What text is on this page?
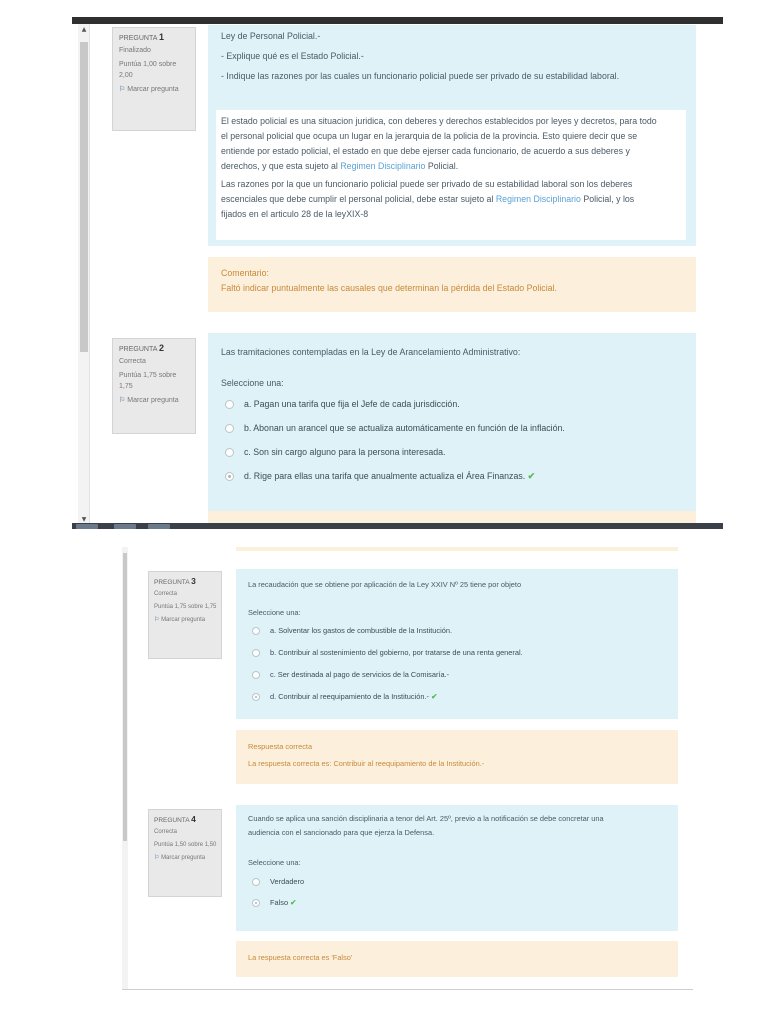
▲
▼
PREGUNTA 1
Finalizado
Puntúa 1,00 sobre 2,00
⚐ Marcar pregunta
Ley de Personal Policial.-
- Explique qué es el Estado Policial.-
- Indique las razones por las cuales un funcionario policial puede ser privado de su estabilidad laboral.
El estado policial es una situacion juridica, con deberes y derechos establecidos por leyes y decretos, para todo
el personal policial que ocupa un lugar en la jerarquia de la policia de la provincia. Esto quiere decir que se
entiende por estado policial, el estado en que debe ejerser cada funcionario, de acuerdo a sus deberes y
derechos, y que esta sujeto al Regimen Disciplinario Policial.
Las razones por la que un funcionario policial puede ser privado de su estabilidad laboral son los deberes
escenciales que debe cumplir el personal policial, debe estar sujeto al Regimen Disciplinario Policial, y los
fijados en el articulo 28 de la leyXIX-8
Comentario:
Faltó indicar puntualmente las causales que determinan la pérdida del Estado Policial.
PREGUNTA 2
Correcta
Puntúa 1,75 sobre 1,75
⚐ Marcar pregunta
Las tramitaciones contempladas en la Ley de Arancelamiento Administrativo:
Seleccione una:
a. Pagan una tarifa que fija el Jefe de cada jurisdicción.
b. Abonan un arancel que se actualiza automáticamente en función de la inflación.
c. Son sin cargo alguno para la persona interesada.
d. Rige para ellas una tarifa que anualmente actualiza el Área Finanzas. ✔
PREGUNTA 3
Correcta
Puntúa 1,75 sobre 1,75
⚐ Marcar pregunta
La recaudación que se obtiene por aplicación de la Ley XXIV Nº 25 tiene por objeto
Seleccione una:
a. Solventar los gastos de combustible de la Institución.
b. Contribuir al sostenimiento del gobierno, por tratarse de una renta general.
c. Ser destinada al pago de servicios de la Comisaría.-
d. Contribuir al reequipamiento de la Institución.- ✔
Respuesta correcta
La respuesta correcta es: Contribuir al reequipamiento de la Institución.-
PREGUNTA 4
Correcta
Puntúa 1,50 sobre 1,50
⚐ Marcar pregunta
Cuando se aplica una sanción disciplinaria a tenor del Art. 25º, previo a la notificación se debe concretar una
audiencia con el sancionado para que ejerza la Defensa.
Seleccione una:
Verdadero
Falso ✔
La respuesta correcta es 'Falso'
